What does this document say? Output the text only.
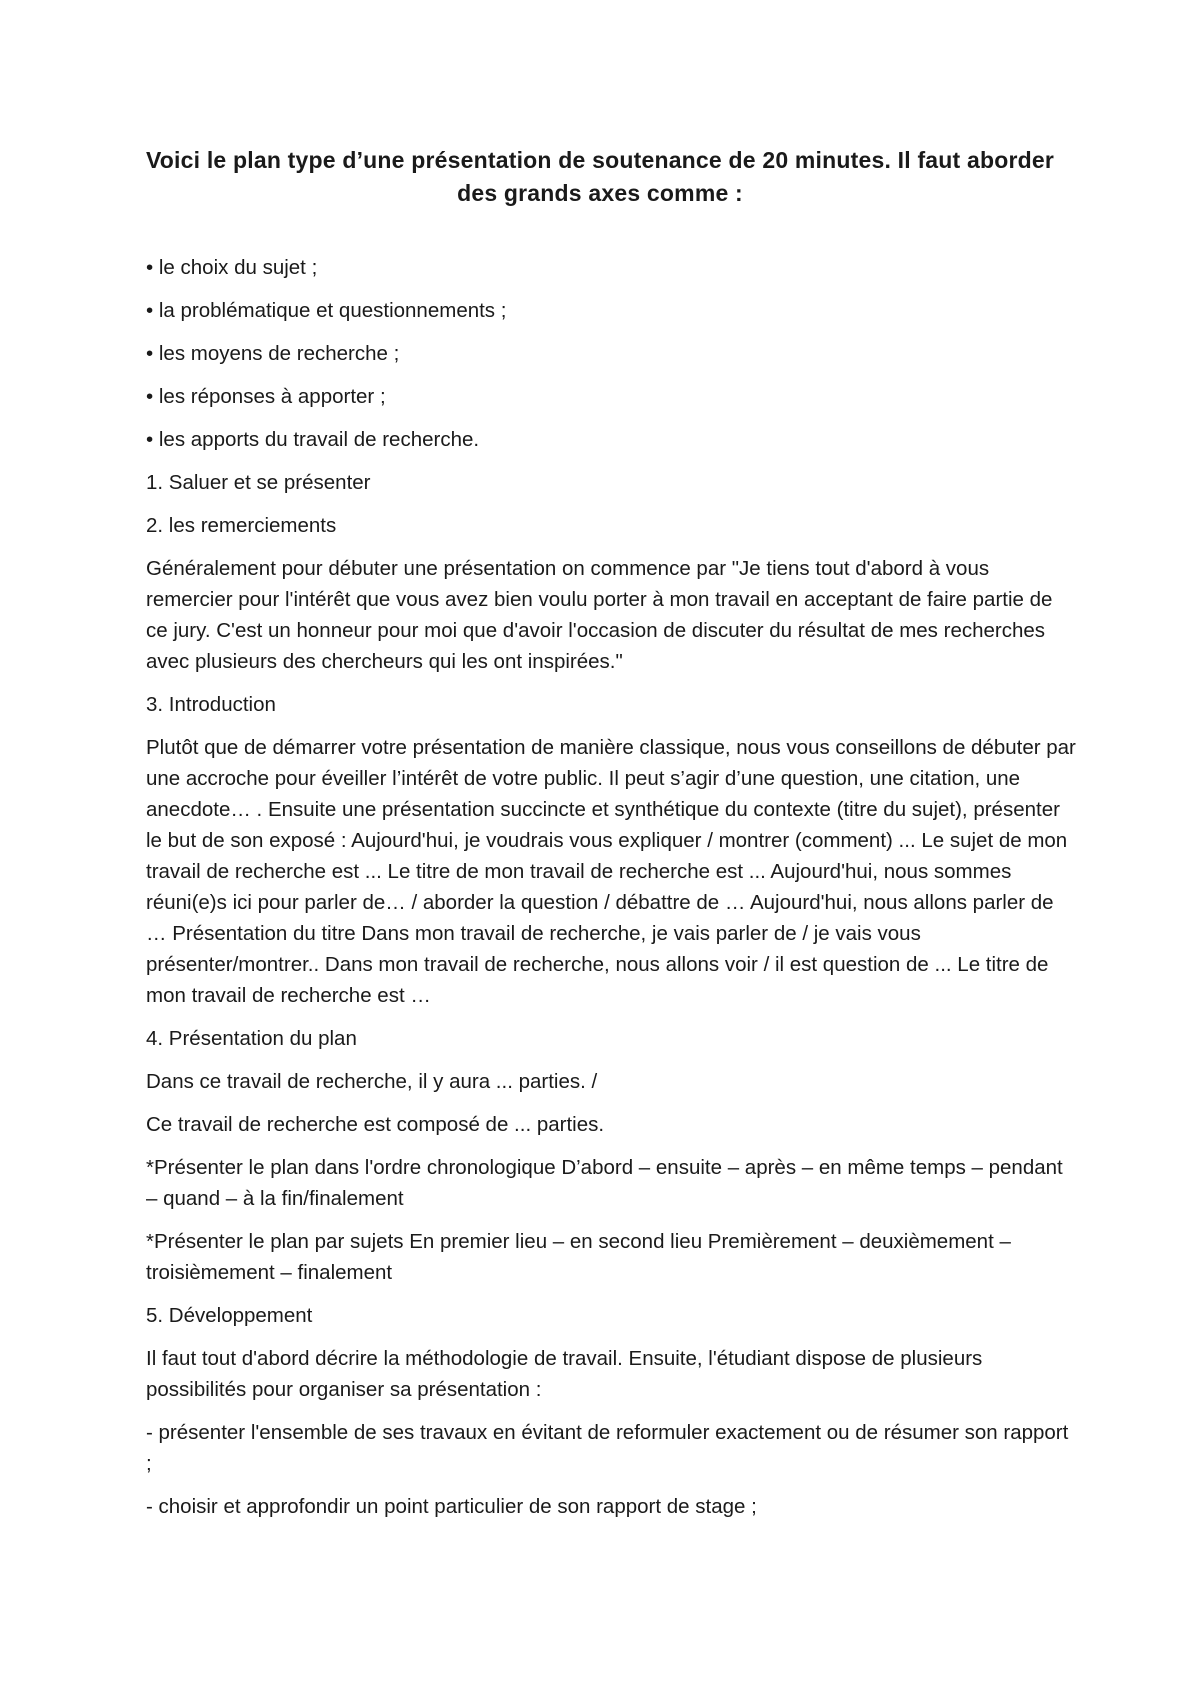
Voici le plan type d’une présentation de soutenance de 20 minutes. Il faut aborder des grands axes comme :

• le choix du sujet ;

• la problématique et questionnements ;

• les moyens de recherche ;

• les réponses à apporter ;

• les apports du travail de recherche.

1. Saluer et se présenter

2. les remerciements

Généralement pour débuter une présentation on commence par "Je tiens tout d'abord à vous remercier pour l'intérêt que vous avez bien voulu porter à mon travail en acceptant de faire partie de ce jury. C'est un honneur pour moi que d'avoir l'occasion de discuter du résultat de mes recherches avec plusieurs des chercheurs qui les ont inspirées."

3. Introduction

Plutôt que de démarrer votre présentation de manière classique, nous vous conseillons de débuter par une accroche pour éveiller l’intérêt de votre public. Il peut s’agir d’une question, une citation, une anecdote… . Ensuite une présentation succincte et synthétique du contexte (titre du sujet), présenter le but de son exposé : Aujourd'hui, je voudrais vous expliquer / montrer (comment) ... Le sujet de mon travail de recherche est ... Le titre de mon travail de recherche est ... Aujourd'hui, nous sommes réuni(e)s ici pour parler de… / aborder la question / débattre de … Aujourd'hui, nous allons parler de … Présentation du titre Dans mon travail de recherche, je vais parler de / je vais vous présenter/montrer.. Dans mon travail de recherche, nous allons voir / il est question de ... Le titre de mon travail de recherche est …

4. Présentation du plan

Dans ce travail de recherche, il y aura ... parties. /

Ce travail de recherche est composé de ... parties.

*Présenter le plan dans l'ordre chronologique D’abord – ensuite – après – en même temps – pendant – quand – à la fin/finalement

*Présenter le plan par sujets En premier lieu – en second lieu Premièrement – deuxièmement – troisièmement – finalement

5. Développement

Il faut tout d'abord décrire la méthodologie de travail. Ensuite, l'étudiant dispose de plusieurs possibilités pour organiser sa présentation :

- présenter l'ensemble de ses travaux en évitant de reformuler exactement ou de résumer son rapport ;

- choisir et approfondir un point particulier de son rapport de stage ;
